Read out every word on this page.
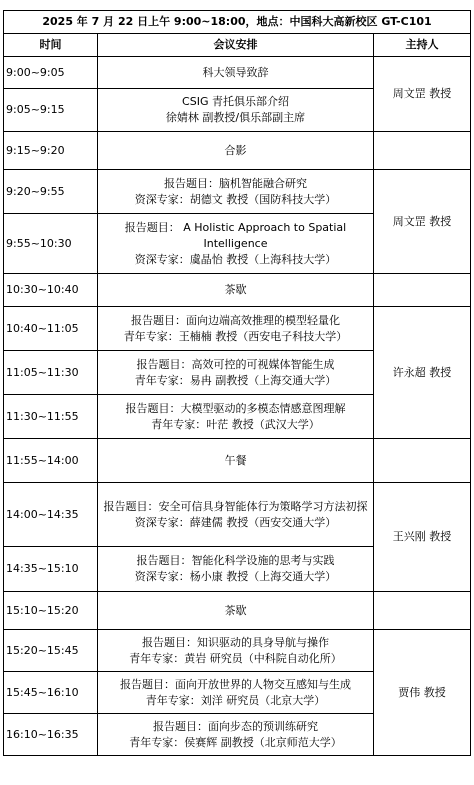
2025 年 7 月 22 日上午 9:00~18:00，地点：中国科大高新校区 GT-C101		
时间	会议安排	主持人
9:00~9:05	科大领导致辞	周文罡 教授
9:05~9:15	CSIG 青托俱乐部介绍
徐婧林 副教授/俱乐部副主席	

9:15~9:20	合影	

9:20~9:55	报告题目：脑机智能融合研究
资深专家：胡德文 教授（国防科技大学）	周文罡 教授
9:55~10:30	报告题目： A Holistic Approach to Spatial Intelligence
资深专家：虞晶怡 教授（上海科技大学）	

10:30~10:40	茶歇	

10:40~11:05	报告题目：面向边端高效推理的模型轻量化
青年专家：王楠楠 教授（西安电子科技大学）	许永超 教授
11:05~11:30	报告题目：高效可控的可视媒体智能生成
青年专家：易冉 副教授（上海交通大学）	

11:30~11:55	报告题目：大模型驱动的多模态情感意图理解
青年专家：叶茫 教授（武汉大学）	

11:55~14:00	午餐	

14:00~14:35	报告题目：安全可信具身智能体行为策略学习方法初探
资深专家：薛建儒 教授（西安交通大学）	王兴刚 教授
14:35~15:10	报告题目：智能化科学设施的思考与实践
资深专家：杨小康 教授（上海交通大学）	

15:10~15:20	茶歇	

15:20~15:45	报告题目：知识驱动的具身导航与操作
青年专家：黄岩 研究员（中科院自动化所）	贾伟 教授
15:45~16:10	报告题目：面向开放世界的人物交互感知与生成
青年专家：刘洋 研究员（北京大学）	

16:10~16:35	报告题目：面向步态的预训练研究
青年专家：侯赛辉 副教授（北京师范大学）	
